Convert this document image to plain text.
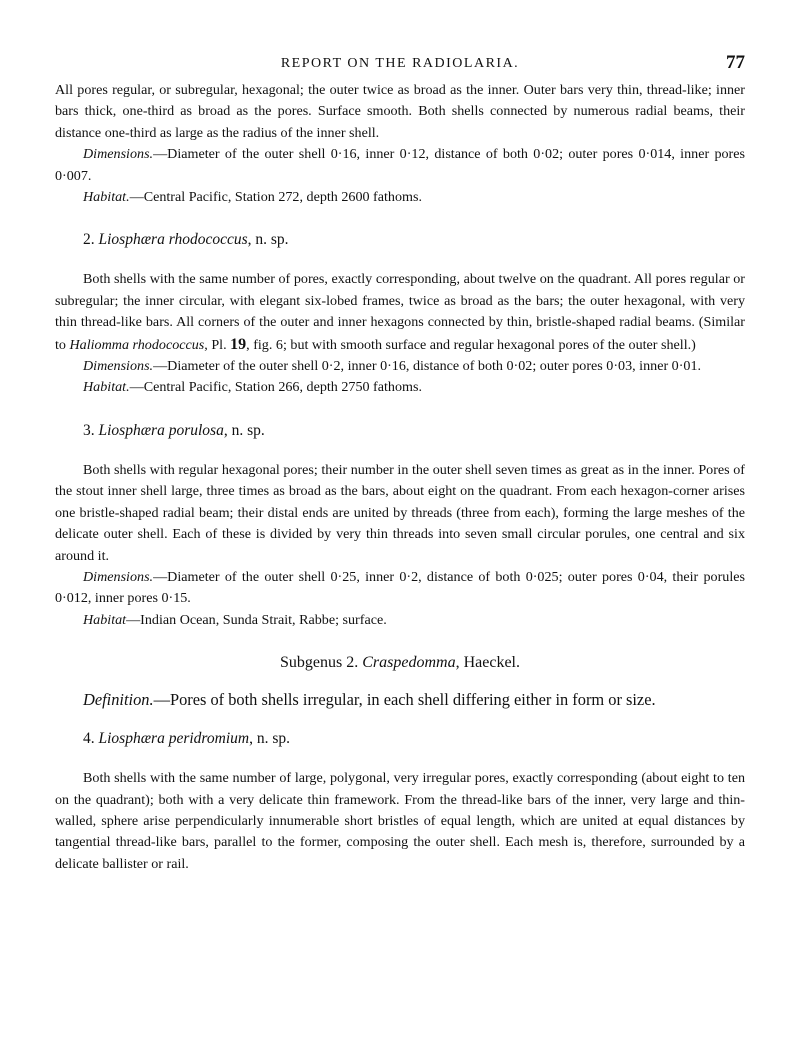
REPORT ON THE RADIOLARIA.	77

All pores regular, or subregular, hexagonal; the outer twice as broad as the inner. Outer bars very thin, thread-like; inner bars thick, one-third as broad as the pores. Surface smooth. Both shells connected by numerous radial beams, their distance one-third as large as the radius of the inner shell.

Dimensions.—Diameter of the outer shell 0·16, inner 0·12, distance of both 0·02; outer pores 0·014, inner pores 0·007.

Habitat.—Central Pacific, Station 272, depth 2600 fathoms.

2. Liosphæra rhodococcus, n. sp.

Both shells with the same number of pores, exactly corresponding, about twelve on the quadrant. All pores regular or subregular; the inner circular, with elegant six-lobed frames, twice as broad as the bars; the outer hexagonal, with very thin thread-like bars. All corners of the outer and inner hexagons connected by thin, bristle-shaped radial beams. (Similar to Haliomma rhodococcus, Pl. 19, fig. 6; but with smooth surface and regular hexagonal pores of the outer shell.)

Dimensions.—Diameter of the outer shell 0·2, inner 0·16, distance of both 0·02; outer pores 0·03, inner 0·01.

Habitat.—Central Pacific, Station 266, depth 2750 fathoms.

3. Liosphæra porulosa, n. sp.

Both shells with regular hexagonal pores; their number in the outer shell seven times as great as in the inner. Pores of the stout inner shell large, three times as broad as the bars, about eight on the quadrant. From each hexagon-corner arises one bristle-shaped radial beam; their distal ends are united by threads (three from each), forming the large meshes of the delicate outer shell. Each of these is divided by very thin threads into seven small circular porules, one central and six around it.

Dimensions.—Diameter of the outer shell 0·25, inner 0·2, distance of both 0·025; outer pores 0·04, their porules 0·012, inner pores 0·15.

Habitat—Indian Ocean, Sunda Strait, Rabbe; surface.

Subgenus 2. Craspedomma, Haeckel.

Definition.—Pores of both shells irregular, in each shell differing either in form or size.

4. Liosphæra peridromium, n. sp.

Both shells with the same number of large, polygonal, very irregular pores, exactly corresponding (about eight to ten on the quadrant); both with a very delicate thin framework. From the thread-like bars of the inner, very large and thin-walled, sphere arise perpendicularly innumerable short bristles of equal length, which are united at equal distances by tangential thread-like bars, parallel to the former, composing the outer shell. Each mesh is, therefore, surrounded by a delicate ballister or rail.
